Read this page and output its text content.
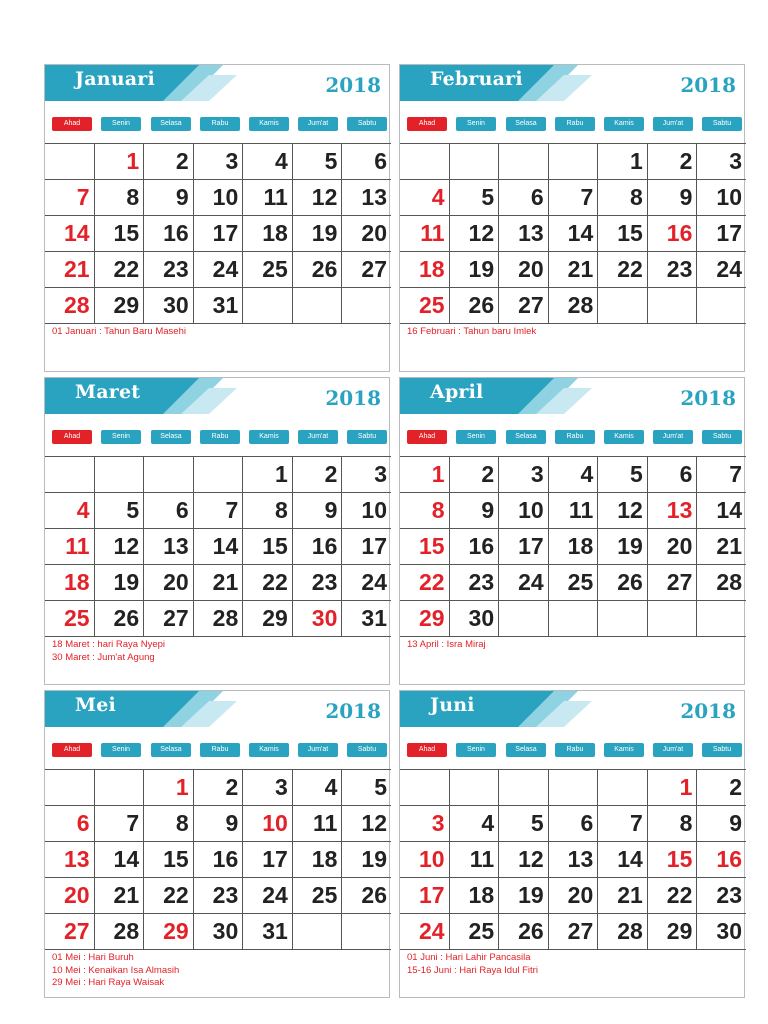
Januari	2018
Ahad	Senin	Selasa	Rabu	Kamis	Jum'at	Sabtu
	1	2	3	4	5	6
7	8	9	10	11	12	13
14	15	16	17	18	19	20
21	22	23	24	25	26	27
28	29	30	31			
01 Januari : Tahun Baru Masehi
Februari	2018
Ahad	Senin	Selasa	Rabu	Kamis	Jum'at	Sabtu
				1	2	3
4	5	6	7	8	9	10
11	12	13	14	15	16	17
18	19	20	21	22	23	24
25	26	27	28			
16 Februari : Tahun baru Imlek
Maret	2018
Ahad	Senin	Selasa	Rabu	Kamis	Jum'at	Sabtu
				1	2	3
4	5	6	7	8	9	10
11	12	13	14	15	16	17
18	19	20	21	22	23	24
25	26	27	28	29	30	31
18 Maret : hari Raya Nyepi
30 Maret : Jum'at Agung
April	2018
Ahad	Senin	Selasa	Rabu	Kamis	Jum'at	Sabtu
1	2	3	4	5	6	7
8	9	10	11	12	13	14
15	16	17	18	19	20	21
22	23	24	25	26	27	28
29	30					
13 April : Isra Miraj
Mei	2018
Ahad	Senin	Selasa	Rabu	Kamis	Jum'at	Sabtu
		1	2	3	4	5
6	7	8	9	10	11	12
13	14	15	16	17	18	19
20	21	22	23	24	25	26
27	28	29	30	31		
01 Mei : Hari Buruh
10 Mei : Kenaikan Isa Almasih
29 Mei : Hari Raya Waisak
Juni	2018
Ahad	Senin	Selasa	Rabu	Kamis	Jum'at	Sabtu
					1	2
3	4	5	6	7	8	9
10	11	12	13	14	15	16
17	18	19	20	21	22	23
24	25	26	27	28	29	30
01 Juni : Hari Lahir Pancasila
15-16 Juni : Hari Raya Idul Fitri
